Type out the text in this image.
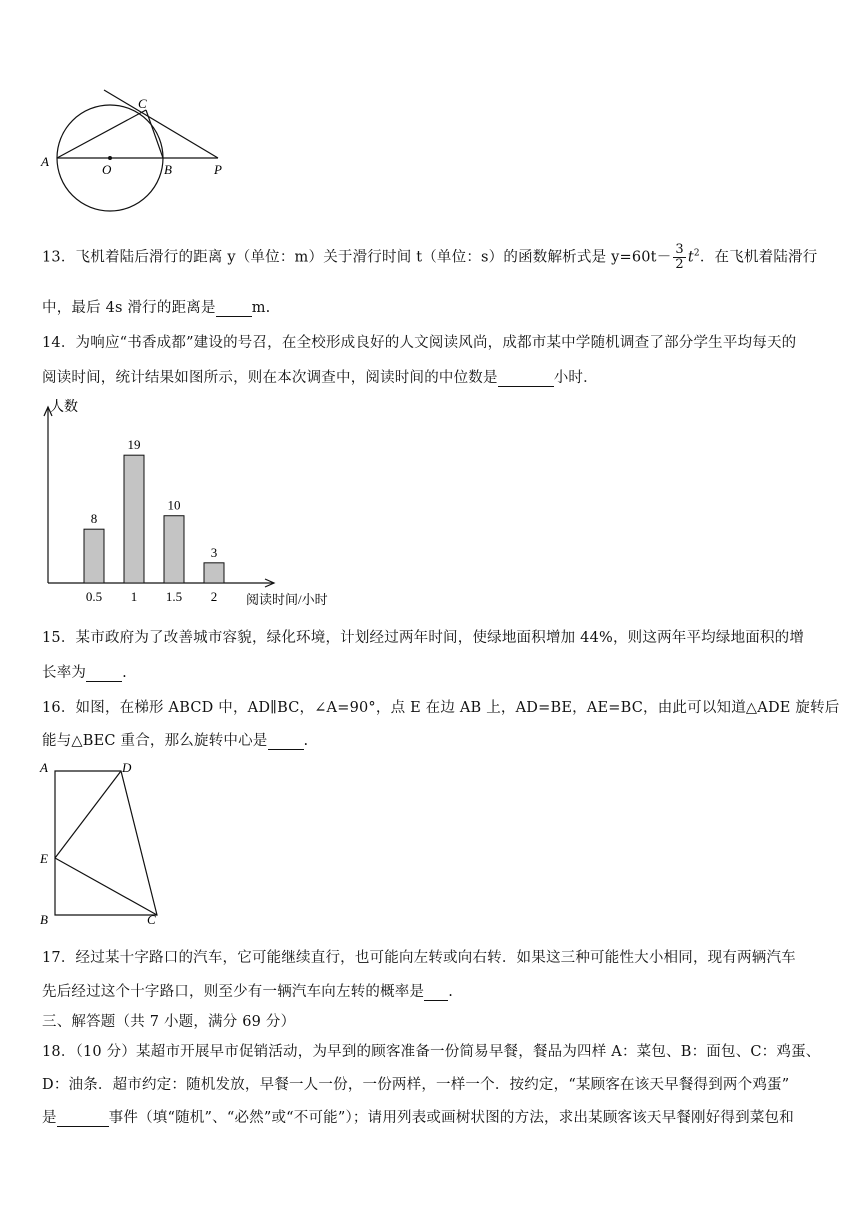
A
O	B	P
C
13．飞机着陆后滑行的距离 y（单位：m）关于滑行时间 t（单位：s）的函数解析式是 $y=60t- \frac{3}{2} t^2$．在飞机着陆滑行
中，最后 4s 滑行的距离是 m.
14．为响应“书香成都”建设的号召，在全校形成良好的人文阅读风尚，成都市某中学随机调查了部分学生平均每天的
阅读时间，统计结果如图所示，则在本次调查中，阅读时间的中位数是	小时．
人数
阅读时间/小时
8
0.5
19
1
10
1.5
3
2
15．某市政府为了改善城市容貌，绿化环境，计划经过两年时间，使绿地面积增加 44%，则这两年平均绿地面积的增
长率为 .
16．如图，在梯形 ABCD 中，AD∥BC，∠A=90°，点 E 在边 AB 上，AD=BE，AE=BC，由此可以知道△ADE 旋转后
能与△BEC 重合，那么旋转中心是 .
A	D
E
B	C
17．经过某十字路口的汽车，它可能继续直行，也可能向左转或向右转．如果这三种可能性大小相同，现有两辆汽车
先后经过这个十字路口，则至少有一辆汽车向左转的概率是 .
三、解答题（共 7 小题，满分 69 分）
18．（10 分）某超市开展早市促销活动，为早到的顾客准备一份简易早餐，餐品为四样 A：菜包、B：面包、C：鸡蛋、
D：油条．超市约定：随机发放，早餐一人一份，一份两样，一样一个．按约定，“某顾客在该天早餐得到两个鸡蛋”
是	事件（填“随机”、“必然”或“不可能”）；请用列表或画树状图的方法，求出某顾客该天早餐刚好得到菜包和
